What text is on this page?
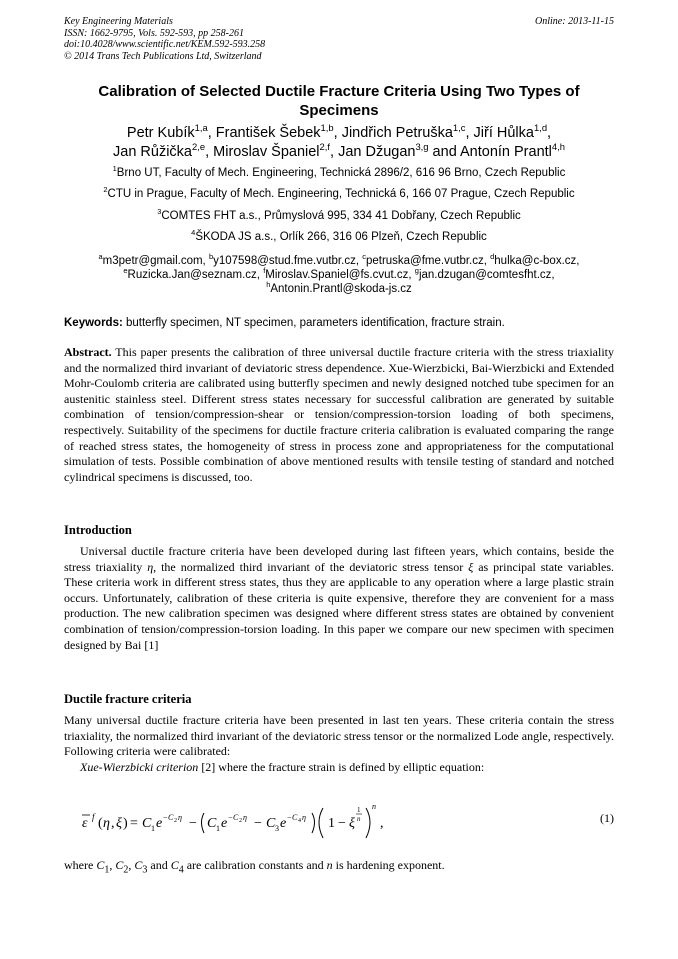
Key Engineering Materials
ISSN: 1662-9795, Vols. 592-593, pp 258-261
doi:10.4028/www.scientific.net/KEM.592-593.258
© 2014 Trans Tech Publications Ltd, Switzerland
Online: 2013-11-15
Calibration of Selected Ductile Fracture Criteria Using Two Types of Specimens
Petr Kubík$^{1,a}$, František Šebek$^{1,b}$, Jindřich Petruška$^{1,c}$, Jiří Hůlka$^{1,d}$,
Jan Růžička$^{2,e}$, Miroslav Španiel$^{2,f}$, Jan Džugan$^{3,g}$ and Antonín Prantl$^{4,h}$
$^1$Brno UT, Faculty of Mech. Engineering, Technická 2896/2, 616 96 Brno, Czech Republic
$^2$CTU in Prague, Faculty of Mech. Engineering, Technická 6, 166 07 Prague, Czech Republic
$^3$COMTES FHT a.s., Průmyslová 995, 334 41 Dobřany, Czech Republic
$^4$ŠKODA JS a.s., Orlík 266, 316 06 Plzeň, Czech Republic
$^a$m3petr@gmail.com, $^b$y107598@stud.fme.vutbr.cz, $^c$petruska@fme.vutbr.cz, $^d$hulka@c-box.cz,
$^e$Ruzicka.Jan@seznam.cz, $^f$Miroslav.Spaniel@fs.cvut.cz, $^g$jan.dzugan@comtesfht.cz,
$^h$Antonin.Prantl@skoda-js.cz
Keywords: butterfly specimen, NT specimen, parameters identification, fracture strain.
Abstract. This paper presents the calibration of three universal ductile fracture criteria with the stress triaxiality and the normalized third invariant of deviatoric stress dependence. Xue-Wierzbicki, Bai-Wierzbicki and Extended Mohr-Coulomb criteria are calibrated using butterfly specimen and newly designed notched tube specimen for an austenitic stainless steel. Different stress states necessary for successful calibration are generated by suitable combination of tension/compression-shear or tension/compression-torsion loading of both specimens, respectively. Suitability of the specimens for ductile fracture criteria calibration is evaluated comparing the range of reached stress states, the homogeneity of stress in process zone and appropriateness for the computational simulation of tests. Possible combination of above mentioned results with tensile testing of standard and notched cylindrical specimens is discussed, too.
Introduction
Universal ductile fracture criteria have been developed during last fifteen years, which contains, beside the stress triaxiality η, the normalized third invariant of the deviatoric stress tensor ξ as principal state variables. These criteria work in different stress states, thus they are applicable to any operation where a large plastic strain occurs. Unfortunately, calibration of these criteria is quite expensive, therefore they are convenient for a mass production. The new calibration specimen was designed where different stress states are obtained by convenient combination of tension/compression-torsion loading. In this paper we compare our new specimen with specimen designed by Bai [1]
Ductile fracture criteria
Many universal ductile fracture criteria have been presented in last ten years. These criteria contain the stress triaxiality, the normalized third invariant of the deviatoric stress tensor or the normalized Lode angle, respectively. Following criteria were calibrated:
Xue-Wierzbicki criterion [2] where the fracture strain is defined by elliptic equation:
ε f ( η , ξ ) = C 1 e − C 2 η − C 1 e − C 2 η − C 3 e − C 4 η 1 − ξ
1
n
n
,	(1)
where $C_1$, $C_2$, $C_3$ and $C_4$ are calibration constants and n is hardening exponent.
